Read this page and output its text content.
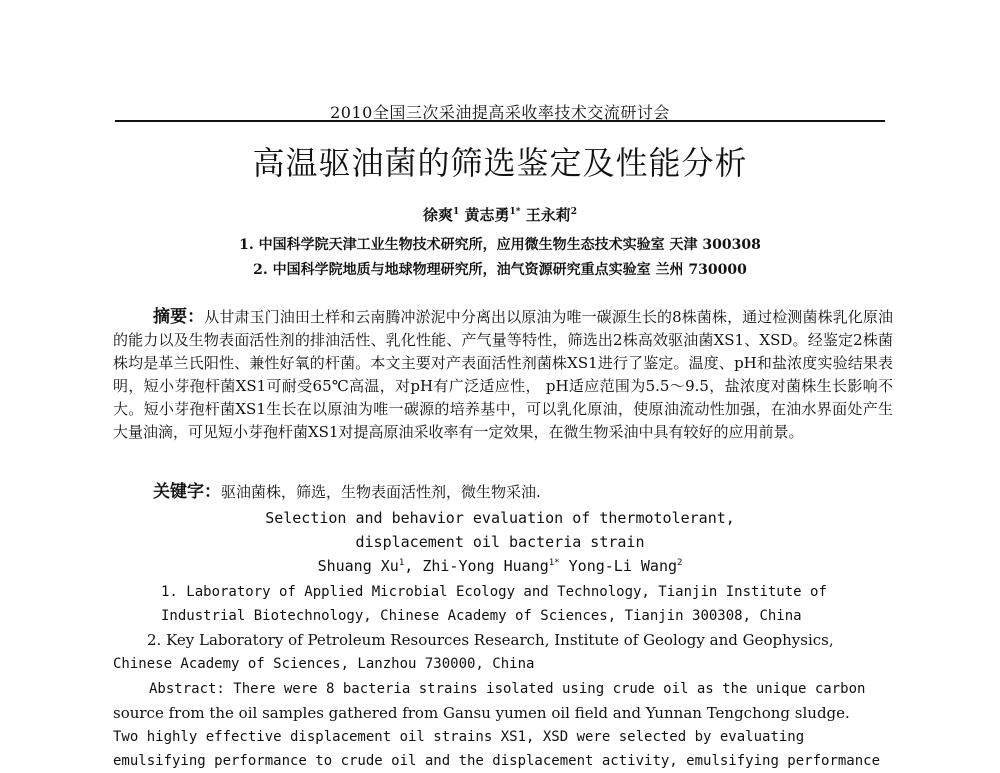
2010全国三次采油提高采收率技术交流研讨会
高温驱油菌的筛选鉴定及性能分析
徐爽$^1$ 黄志勇$^{1*}$ 王永莉$^2$
1. 中国科学院天津工业生物技术研究所，应用微生物生态技术实验室 天津 300308
2. 中国科学院地质与地球物理研究所，油气资源研究重点实验室 兰州 730000
摘要：从甘肃玉门油田土样和云南腾冲淤泥中分离出以原油为唯一碳源生长的8株菌株，通过检测菌株乳化原油的能力以及生物表面活性剂的排油活性、乳化性能、产气量等特性，筛选出2株高效驱油菌XS1、XSD。经鉴定2株菌株均是革兰氏阳性、兼性好氧的杆菌。本文主要对产表面活性剂菌株XS1进行了鉴定。温度、pH和盐浓度实验结果表明，短小芽孢杆菌XS1可耐受65℃高温，对pH有广泛适应性， pH适应范围为5.5～9.5，盐浓度对菌株生长影响不大。短小芽孢杆菌XS1生长在以原油为唯一碳源的培养基中，可以乳化原油，使原油流动性加强，在油水界面处产生大量油滴，可见短小芽孢杆菌XS1对提高原油采收率有一定效果，在微生物采油中具有较好的应用前景。
关键字：驱油菌株，筛选，生物表面活性剂，微生物采油.
Selection and behavior evaluation of thermotolerant,
displacement oil bacteria strain
Shuang Xu$^1$, Zhi-Yong Huang$^{1*}$ Yong-Li Wang$^2$
1. Laboratory of Applied Microbial Ecology and Technology, Tianjin Institute of
Industrial Biotechnology, Chinese Academy of Sciences, Tianjin 300308, China
2. Key Laboratory of Petroleum Resources Research, Institute of Geology and Geophysics,
Chinese Academy of Sciences, Lanzhou 730000, China
Abstract: There were 8 bacteria strains isolated using crude oil as the unique carbon
source from the oil samples gathered from Gansu yumen oil field and Yunnan Tengchong sludge.
Two highly effective displacement oil strains XS1, XSD were selected by evaluating
emulsifying performance to crude oil and the displacement activity, emulsifying performance
